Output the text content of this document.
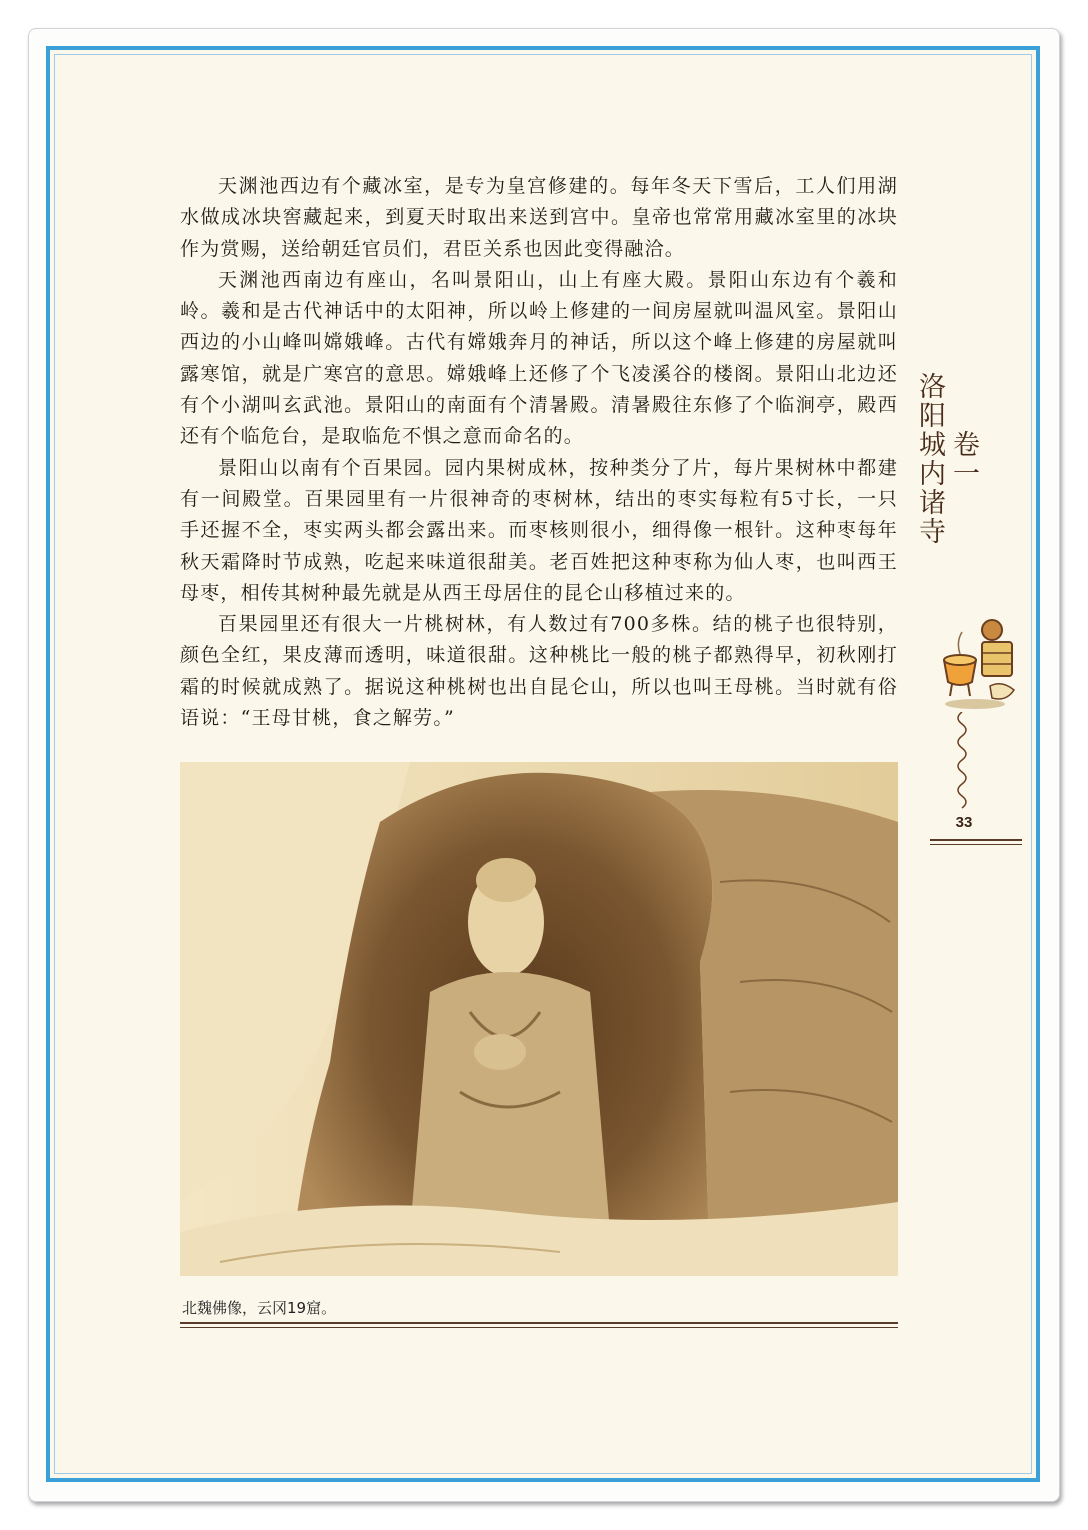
天渊池西边有个藏冰室，是专为皇宫修建的。每年冬天下雪后，工人们用湖水做成冰块窖藏起来，到夏天时取出来送到宫中。皇帝也常常用藏冰室里的冰块作为赏赐，送给朝廷官员们，君臣关系也因此变得融洽。

天渊池西南边有座山，名叫景阳山，山上有座大殿。景阳山东边有个羲和岭。羲和是古代神话中的太阳神，所以岭上修建的一间房屋就叫温风室。景阳山西边的小山峰叫嫦娥峰。古代有嫦娥奔月的神话，所以这个峰上修建的房屋就叫露寒馆，就是广寒宫的意思。嫦娥峰上还修了个飞凌溪谷的楼阁。景阳山北边还有个小湖叫玄武池。景阳山的南面有个清暑殿。清暑殿往东修了个临涧亭，殿西还有个临危台，是取临危不惧之意而命名的。

景阳山以南有个百果园。园内果树成林，按种类分了片，每片果树林中都建有一间殿堂。百果园里有一片很神奇的枣树林，结出的枣实每粒有5寸长，一只手还握不全，枣实两头都会露出来。而枣核则很小，细得像一根针。这种枣每年秋天霜降时节成熟，吃起来味道很甜美。老百姓把这种枣称为仙人枣，也叫西王母枣，相传其树种最先就是从西王母居住的昆仑山移植过来的。

百果园里还有很大一片桃树林，有人数过有700多株。结的桃子也很特别，颜色全红，果皮薄而透明，味道很甜。这种桃比一般的桃子都熟得早，初秋刚打霜的时候就成熟了。据说这种桃树也出自昆仑山，所以也叫王母桃。当时就有俗语说：“王母甘桃，食之解劳。”

卷一
洛阳城内诸寺
33
北魏佛像，云冈19窟。
